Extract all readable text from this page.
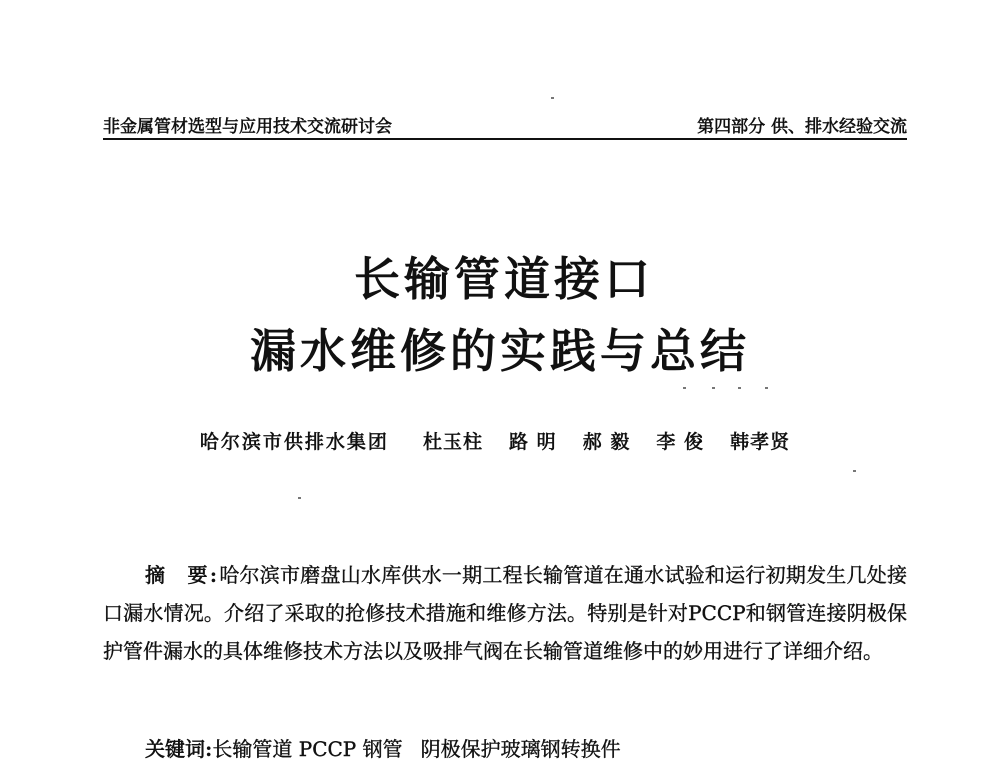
非金属管材选型与应用技术交流研讨会	第四部分 供、排水经验交流
长输管道接口
漏水维修的实践与总结
哈尔滨市供排水集团 杜玉柱 路 明 郝 毅 李 俊 韩孝贤
摘 要:哈尔滨市磨盘山水库供水一期工程长输管道在通水试验和运行初期发生几处接口漏水情况。介绍了采取的抢修技术措施和维修方法。特别是针对PCCP和钢管连接阴极保护管件漏水的具体维修技术方法以及吸排气阀在长输管道维修中的妙用进行了详细介绍。
关键词:长输管道 PCCP 钢管 阴极保护玻璃钢转换件
